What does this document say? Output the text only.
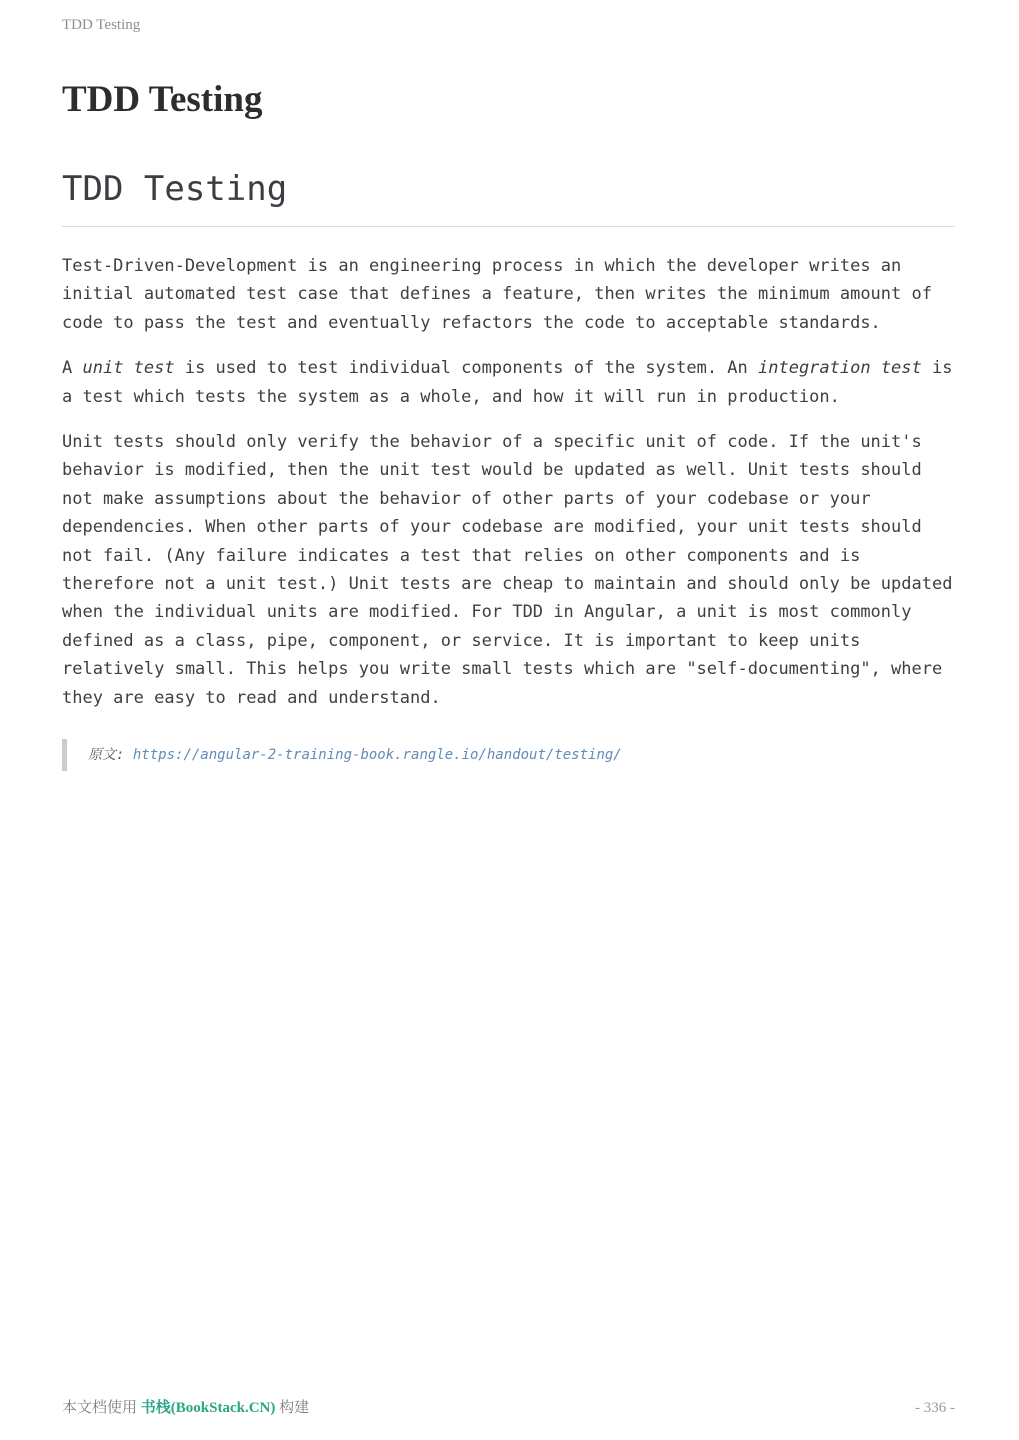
TDD Testing
TDD Testing
TDD Testing

Test-Driven-Development is an engineering process in which the developer writes an initial automated test case that defines a feature, then writes the minimum amount of code to pass the test and eventually refactors the code to acceptable standards.

A unit test is used to test individual components of the system. An integration test is a test which tests the system as a whole, and how it will run in production.

Unit tests should only verify the behavior of a specific unit of code. If the unit's behavior is modified, then the unit test would be updated as well. Unit tests should not make assumptions about the behavior of other parts of your codebase or your dependencies. When other parts of your codebase are modified, your unit tests should not fail. (Any failure indicates a test that relies on other components and is therefore not a unit test.) Unit tests are cheap to maintain and should only be updated when the individual units are modified. For TDD in Angular, a unit is most commonly defined as a class, pipe, component, or service. It is important to keep units relatively small. This helps you write small tests which are "self-documenting", where they are easy to read and understand.

原文: https://angular-2-training-book.rangle.io/handout/testing/
本文档使用 书栈(BookStack.CN) 构建	- 336 -
